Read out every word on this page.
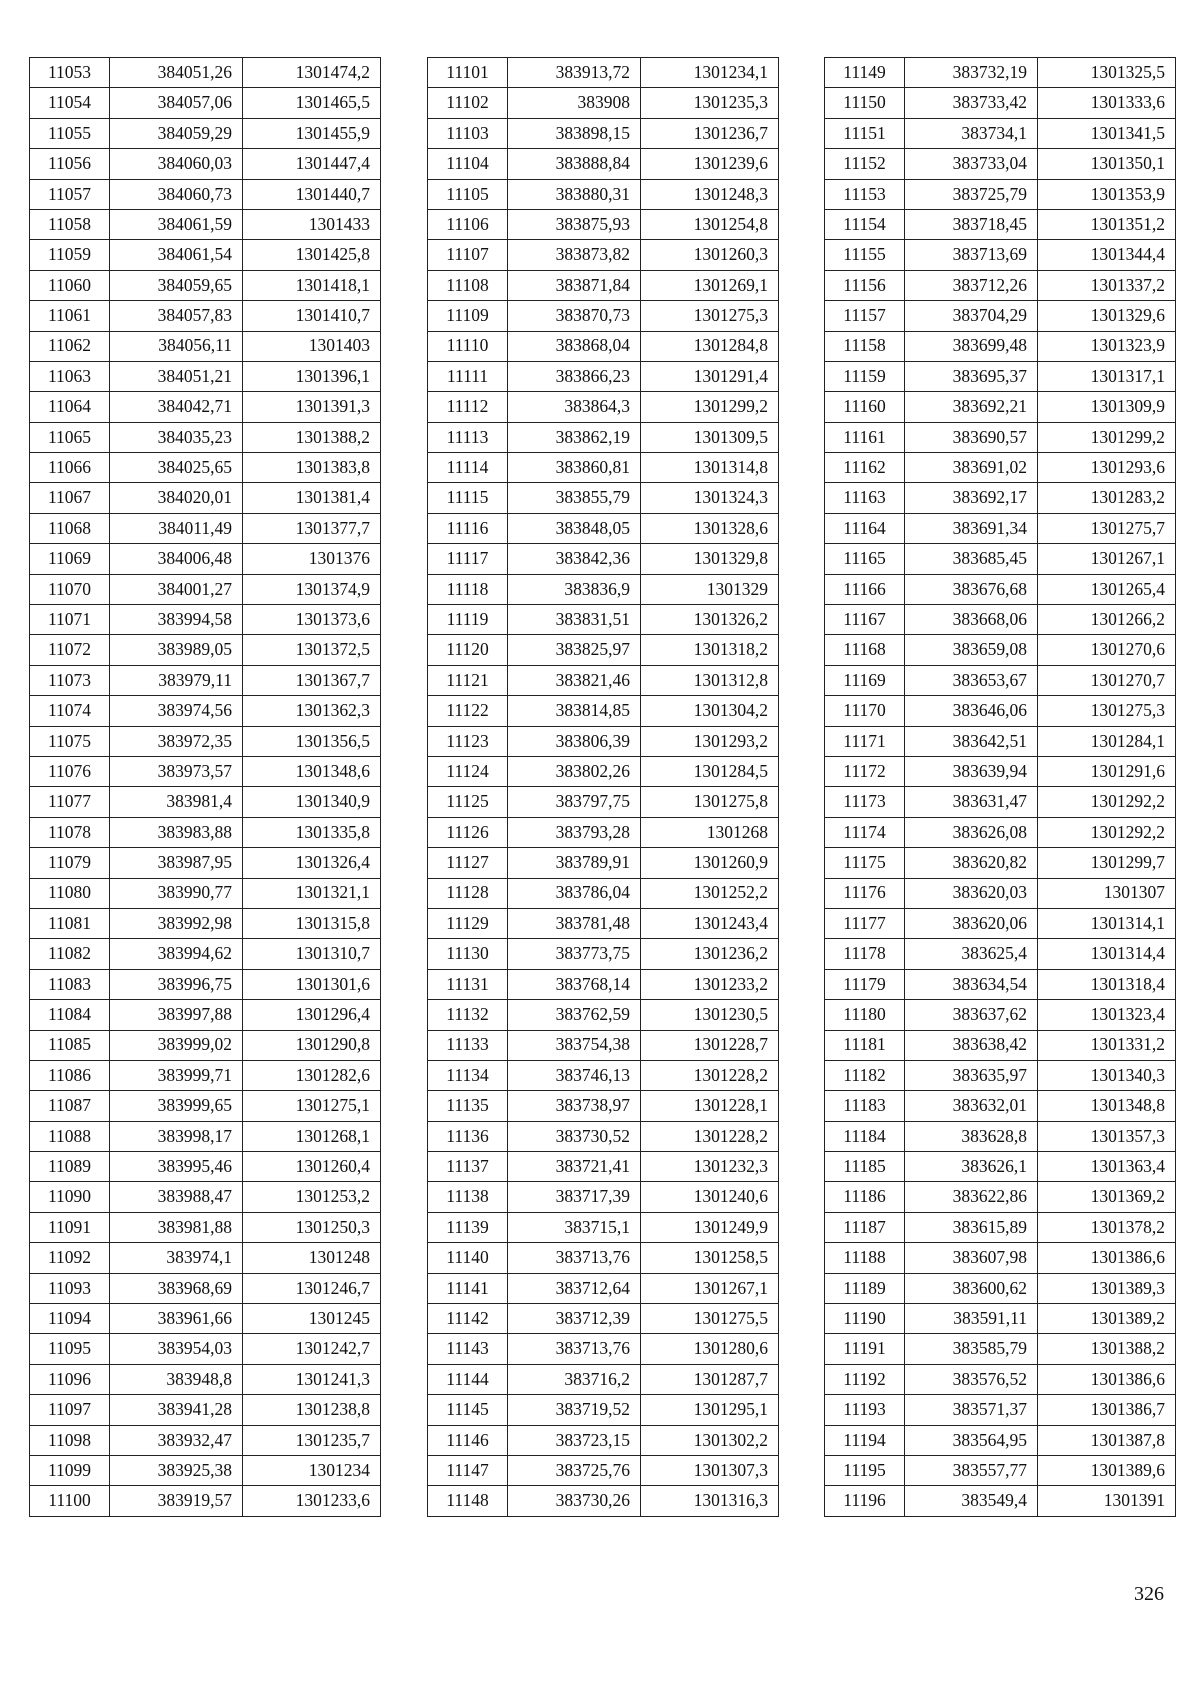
11053	384051,26	1301474,2
11054	384057,06	1301465,5
11055	384059,29	1301455,9
11056	384060,03	1301447,4
11057	384060,73	1301440,7
11058	384061,59	1301433
11059	384061,54	1301425,8
11060	384059,65	1301418,1
11061	384057,83	1301410,7
11062	384056,11	1301403
11063	384051,21	1301396,1
11064	384042,71	1301391,3
11065	384035,23	1301388,2
11066	384025,65	1301383,8
11067	384020,01	1301381,4
11068	384011,49	1301377,7
11069	384006,48	1301376
11070	384001,27	1301374,9
11071	383994,58	1301373,6
11072	383989,05	1301372,5
11073	383979,11	1301367,7
11074	383974,56	1301362,3
11075	383972,35	1301356,5
11076	383973,57	1301348,6
11077	383981,4	1301340,9
11078	383983,88	1301335,8
11079	383987,95	1301326,4
11080	383990,77	1301321,1
11081	383992,98	1301315,8
11082	383994,62	1301310,7
11083	383996,75	1301301,6
11084	383997,88	1301296,4
11085	383999,02	1301290,8
11086	383999,71	1301282,6
11087	383999,65	1301275,1
11088	383998,17	1301268,1
11089	383995,46	1301260,4
11090	383988,47	1301253,2
11091	383981,88	1301250,3
11092	383974,1	1301248
11093	383968,69	1301246,7
11094	383961,66	1301245
11095	383954,03	1301242,7
11096	383948,8	1301241,3
11097	383941,28	1301238,8
11098	383932,47	1301235,7
11099	383925,38	1301234
11100	383919,57	1301233,6
11101	383913,72	1301234,1
11102	383908	1301235,3
11103	383898,15	1301236,7
11104	383888,84	1301239,6
11105	383880,31	1301248,3
11106	383875,93	1301254,8
11107	383873,82	1301260,3
11108	383871,84	1301269,1
11109	383870,73	1301275,3
11110	383868,04	1301284,8
11111	383866,23	1301291,4
11112	383864,3	1301299,2
11113	383862,19	1301309,5
11114	383860,81	1301314,8
11115	383855,79	1301324,3
11116	383848,05	1301328,6
11117	383842,36	1301329,8
11118	383836,9	1301329
11119	383831,51	1301326,2
11120	383825,97	1301318,2
11121	383821,46	1301312,8
11122	383814,85	1301304,2
11123	383806,39	1301293,2
11124	383802,26	1301284,5
11125	383797,75	1301275,8
11126	383793,28	1301268
11127	383789,91	1301260,9
11128	383786,04	1301252,2
11129	383781,48	1301243,4
11130	383773,75	1301236,2
11131	383768,14	1301233,2
11132	383762,59	1301230,5
11133	383754,38	1301228,7
11134	383746,13	1301228,2
11135	383738,97	1301228,1
11136	383730,52	1301228,2
11137	383721,41	1301232,3
11138	383717,39	1301240,6
11139	383715,1	1301249,9
11140	383713,76	1301258,5
11141	383712,64	1301267,1
11142	383712,39	1301275,5
11143	383713,76	1301280,6
11144	383716,2	1301287,7
11145	383719,52	1301295,1
11146	383723,15	1301302,2
11147	383725,76	1301307,3
11148	383730,26	1301316,3
11149	383732,19	1301325,5
11150	383733,42	1301333,6
11151	383734,1	1301341,5
11152	383733,04	1301350,1
11153	383725,79	1301353,9
11154	383718,45	1301351,2
11155	383713,69	1301344,4
11156	383712,26	1301337,2
11157	383704,29	1301329,6
11158	383699,48	1301323,9
11159	383695,37	1301317,1
11160	383692,21	1301309,9
11161	383690,57	1301299,2
11162	383691,02	1301293,6
11163	383692,17	1301283,2
11164	383691,34	1301275,7
11165	383685,45	1301267,1
11166	383676,68	1301265,4
11167	383668,06	1301266,2
11168	383659,08	1301270,6
11169	383653,67	1301270,7
11170	383646,06	1301275,3
11171	383642,51	1301284,1
11172	383639,94	1301291,6
11173	383631,47	1301292,2
11174	383626,08	1301292,2
11175	383620,82	1301299,7
11176	383620,03	1301307
11177	383620,06	1301314,1
11178	383625,4	1301314,4
11179	383634,54	1301318,4
11180	383637,62	1301323,4
11181	383638,42	1301331,2
11182	383635,97	1301340,3
11183	383632,01	1301348,8
11184	383628,8	1301357,3
11185	383626,1	1301363,4
11186	383622,86	1301369,2
11187	383615,89	1301378,2
11188	383607,98	1301386,6
11189	383600,62	1301389,3
11190	383591,11	1301389,2
11191	383585,79	1301388,2
11192	383576,52	1301386,6
11193	383571,37	1301386,7
11194	383564,95	1301387,8
11195	383557,77	1301389,6
11196	383549,4	1301391
326
